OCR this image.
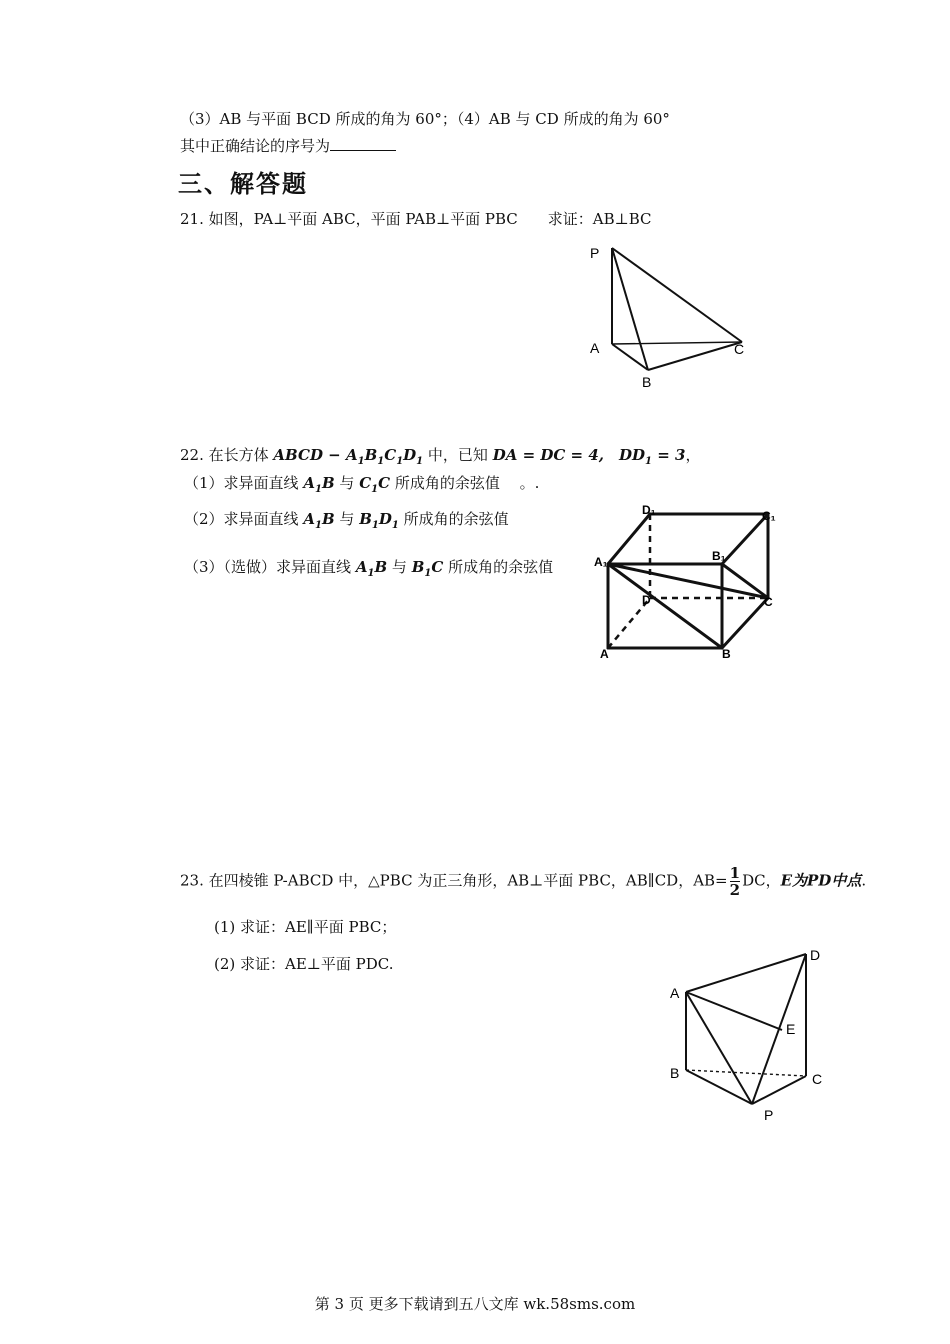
（3）AB 与平面 BCD 所成的角为 60°；（4）AB 与 CD 所成的角为 60°
其中正确结论的序号为
三、解答题
21. 如图，PA⊥平面 ABC，平面 PAB⊥平面 PBC　　求证：AB⊥BC
P
A
B
C
22. 在长方体 ABCD − $A_1B_1C_1D_1$ 中，已知 DA = DC = 4,　$DD_1 = 3$，
（1）求异面直线 $A_1B$ 与 $C_1C$ 所成角的余弦值 　。.
（2）求异面直线 $A_1B$ 与 $B_1D_1$ 所成角的余弦值
（3）（选做）求异面直线 $A_1B$ 与 $B_1C$ 所成角的余弦值
D₁	C₁
A₁	B₁
D	C
A	B
23. 在四棱锥 P-ABCD 中，△PBC 为正三角形，AB⊥平面 PBC，AB∥CD，$AB= \frac{1}{2}$ DC，E为PD中点.
(1) 求证：AE∥平面 PBC；
(2) 求证：AE⊥平面 PDC.
A
D
E
B	C
P
第 3 页 更多下载请到五八文库 wk.58sms.com
